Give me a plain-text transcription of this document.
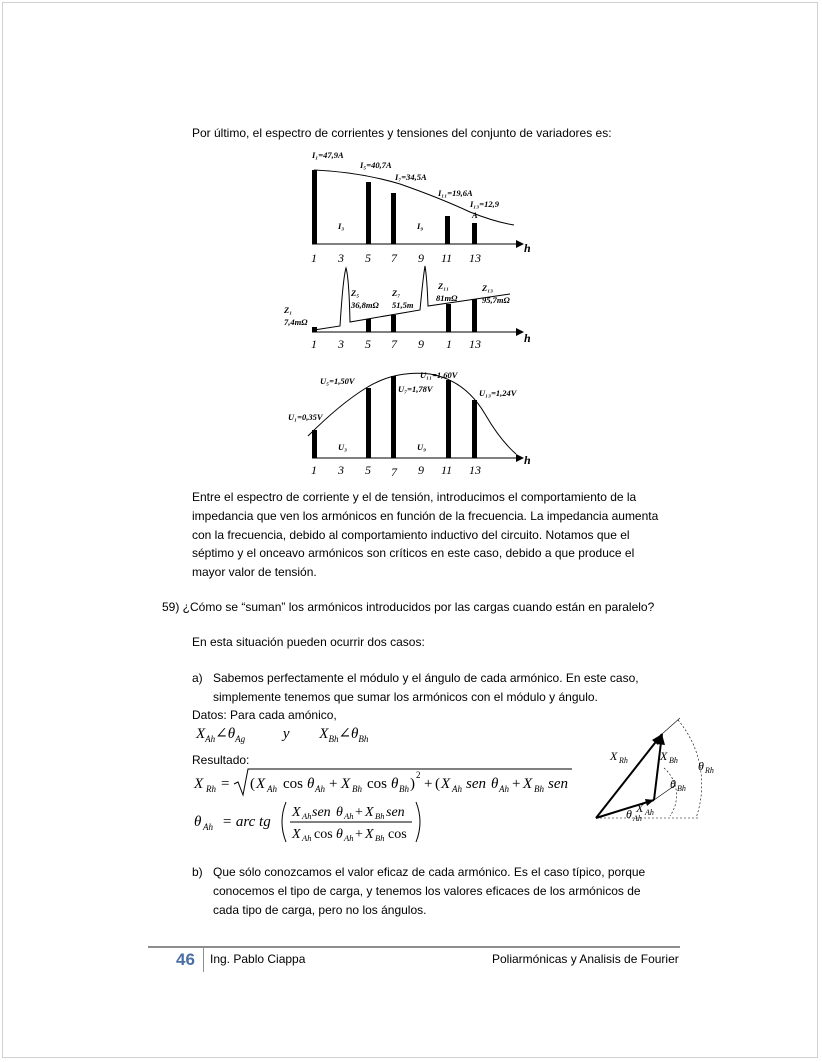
Por último, el espectro de corrientes y tensiones del conjunto de variadores es:
I₁=47,9A
I₅=40,7A
I₇=34,5A
I₁₁=19,6A
I₁₃=12,9
A
I₃	I₉
h
1 3 5 7 9 11 13
Z₁
7,4mΩ
Z₅
36,8mΩ
Z₇
51,5m
Z₁₁
81mΩ
Z₁₃
95,7mΩ
h
1 3 5 7 9 1 13
U₁=0,35V
U₅=1,50V
U₇=1,78V
U₁₁=1,60V
U₁₃=1,24V
U₃	U₉
h
1 3 5 7 9 11 13
Entre el espectro de corriente y el de tensión, introducimos el comportamiento de la impedancia que ven los armónicos en función de la frecuencia. La impedancia aumenta con la frecuencia, debido al comportamiento inductivo del circuito. Notamos que el séptimo y el onceavo armónicos son críticos en este caso, debido a que produce el mayor valor de tensión.
59) ¿Cómo se “suman” los armónicos introducidos por las cargas cuando están en paralelo?
En esta situación pueden ocurrir dos casos:
a) Sabemos perfectamente el módulo y el ángulo de cada armónico. En este caso, simplemente tenemos que sumar los armónicos con el módulo y ángulo.
Datos: Para cada amónico,
$X_{Ah}\angle\theta_{Ag}$	y $X_{Bh}\angle\theta_{Bh}$
Resultado:
X Rh = ( X Ah cos θ Ah + X Bh cos θ Bh )
2
+ ( X Ah sen θ Ah + X Bh sen
θ Ah = arc tg
X Ah sen θ Ah + X Bh sen
X Ah cos θ Ah + X Bh cos
X Rh	X Bh
X Ah
θ Rh
θ Bh
θ Ah
b) Que sólo conozcamos el valor eficaz de cada armónico. Es el caso típico, porque conocemos el tipo de carga, y tenemos los valores eficaces de los armónicos de cada tipo de carga, pero no los ángulos.
46 Ing. Pablo Ciappa	Poliarmónicas y Analisis de Fourier
